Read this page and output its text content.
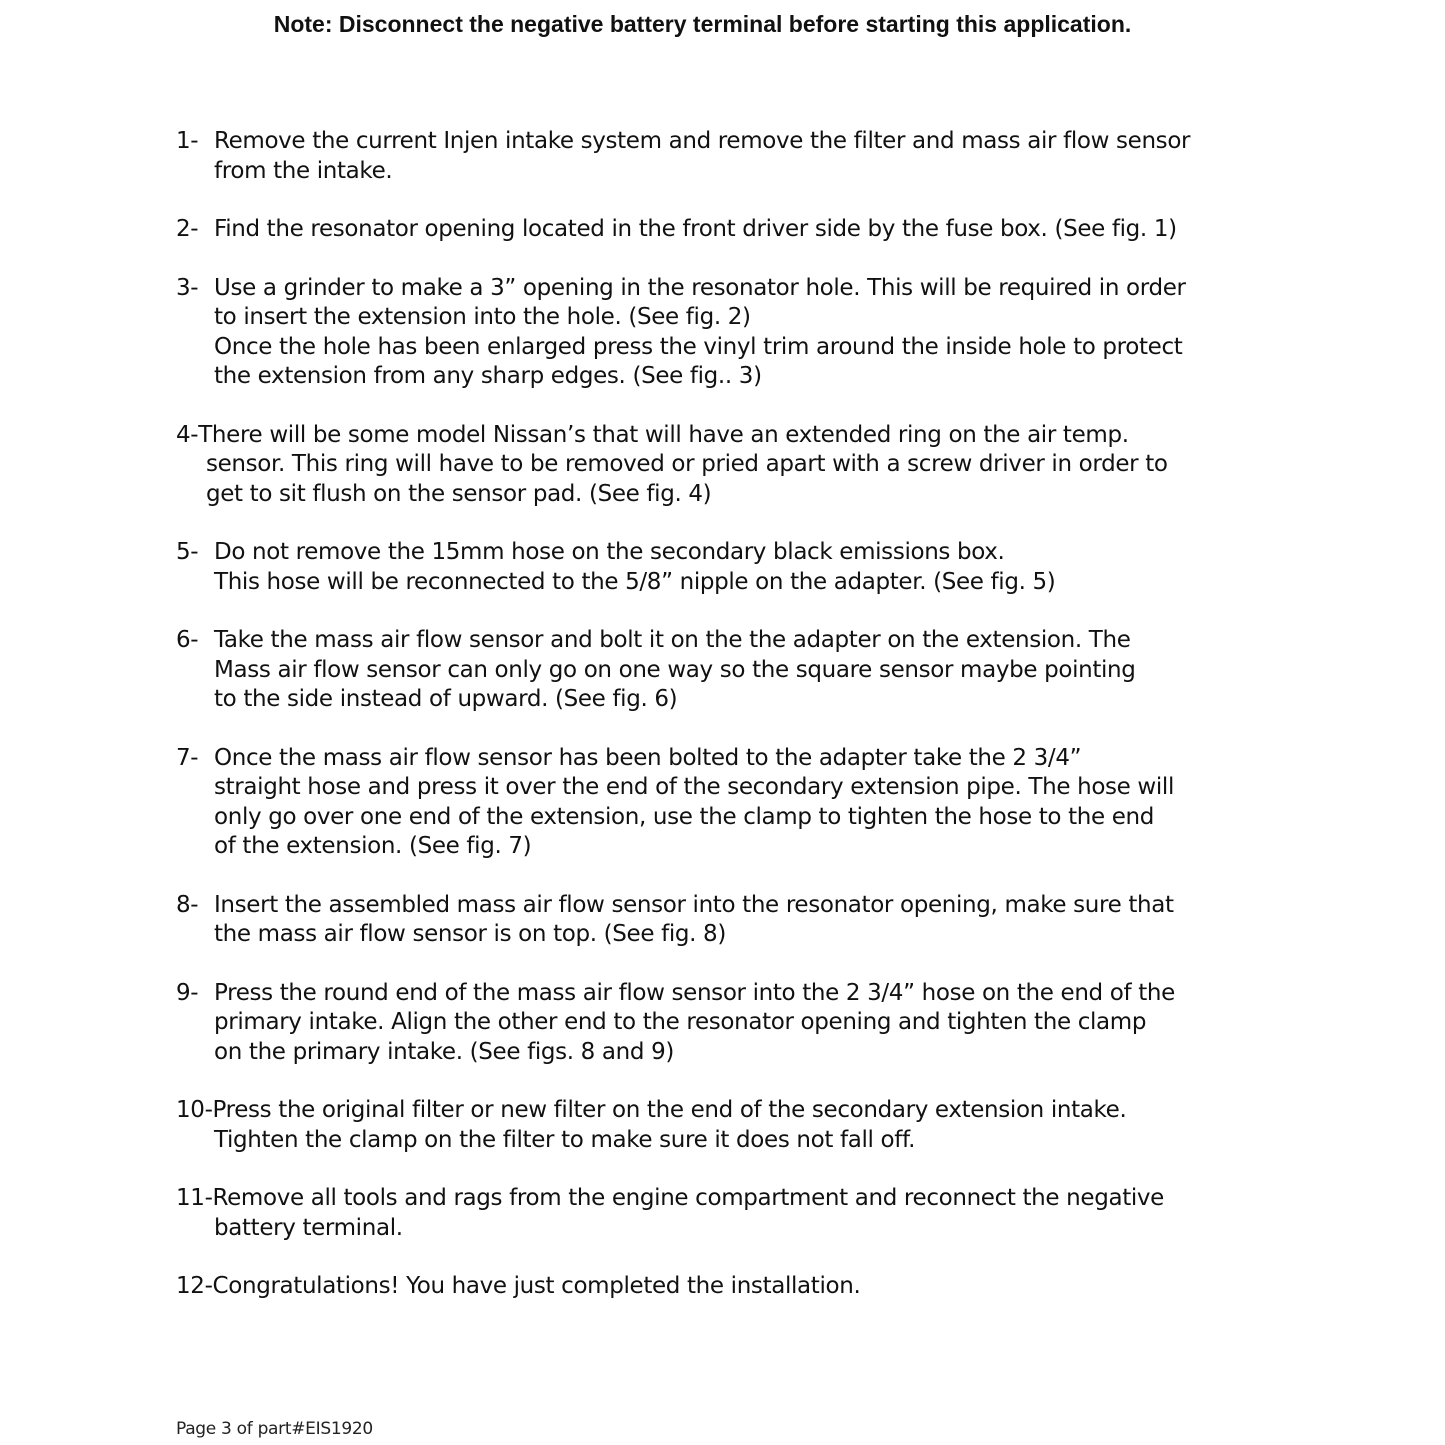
Note: Disconnect the negative battery terminal before starting this application.
1- Remove the current Injen intake system and remove the filter and mass air flow sensor
from the intake.
2- Find the resonator opening located in the front driver side by the fuse box. (See fig. 1)
3- Use a grinder to make a 3” opening in the resonator hole. This will be required in order
to insert the extension into the hole. (See fig. 2)
Once the hole has been enlarged press the vinyl trim around the inside hole to protect
the extension from any sharp edges. (See fig.. 3)
4-There will be some model Nissan’s that will have an extended ring on the air temp.
sensor. This ring will have to be removed or pried apart with a screw driver in order to
get to sit flush on the sensor pad. (See fig. 4)
5- Do not remove the 15mm hose on the secondary black emissions box.
This hose will be reconnected to the 5/8” nipple on the adapter. (See fig. 5)
6- Take the mass air flow sensor and bolt it on the the adapter on the extension. The
Mass air flow sensor can only go on one way so the square sensor maybe pointing
to the side instead of upward. (See fig. 6)
7- Once the mass air flow sensor has been bolted to the adapter take the 2 3/4”
straight hose and press it over the end of the secondary extension pipe. The hose will
only go over one end of the extension, use the clamp to tighten the hose to the end
of the extension. (See fig. 7)
8- Insert the assembled mass air flow sensor into the resonator opening, make sure that
the mass air flow sensor is on top. (See fig. 8)
9- Press the round end of the mass air flow sensor into the 2 3/4” hose on the end of the
primary intake. Align the other end to the resonator opening and tighten the clamp
on the primary intake. (See figs. 8 and 9)
10-Press the original filter or new filter on the end of the secondary extension intake.
Tighten the clamp on the filter to make sure it does not fall off.
11-Remove all tools and rags from the engine compartment and reconnect the negative
battery terminal.
12-Congratulations! You have just completed the installation.
Page 3 of part#EIS1920
